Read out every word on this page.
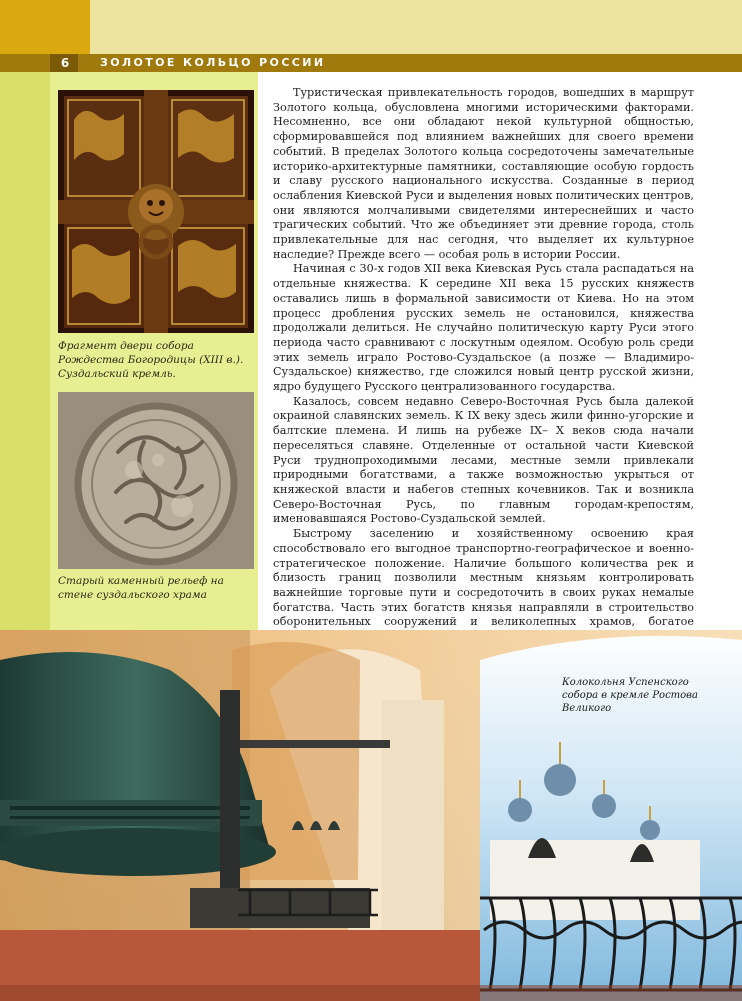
6	ЗОЛОТОЕ КОЛЬЦО РОССИИ
Фрагмент двери собора Рождества Богородицы (XIII в.). Суздальский кремль.
Старый каменный рельеф на стене суздальского храма

Туристическая привлекательность городов, вошедших в маршрут Золотого кольца, обусловлена многими историческими факторами. Несомненно, все они обладают некой культурной общностью, сформировавшейся под влиянием важнейших для своего времени событий. В пределах Золотого кольца сосредоточены замечательные историко-архитектурные памятники, составляющие особую гордость и славу русского национального искусства. Созданные в период ослабления Киевской Руси и выделения новых политических центров, они являются молчаливыми свидетелями интереснейших и часто трагических событий. Что же объединяет эти древние города, столь привлекательные для нас сегодня, что выделяет их культурное наследие? Прежде всего — особая роль в истории России.

Начиная с 30-х годов XII века Киевская Русь стала распадаться на отдельные княжества. К середине XII века 15 русских княжеств оставались лишь в формальной зависимости от Киева. Но на этом процесс дробления русских земель не остановился, княжества продолжали делиться. Не случайно политическую карту Руси этого периода часто сравнивают с лоскутным одеялом. Особую роль среди этих земель играло Ростово-Суздальское (а позже — Владимиро-Суздальское) княжество, где сложился новый центр русской жизни, ядро будущего Русского централизованного государства.

Казалось, совсем недавно Северо-Восточная Русь была далекой окраиной славянских земель. К IX веку здесь жили финно-угорские и балтские племена. И лишь на рубеже IX– X веков сюда начали переселяться славяне. Отделенные от остальной части Киевской Руси труднопроходимыми лесами, местные земли привлекали природными богатствами, а также возможностью укрыться от княжеской власти и набегов степных кочевников. Так и возникла Северо-Восточная Русь, по главным городам-крепостям, именовавшаяся Ростово-Суздальской землей.

Быстрому заселению и хозяйственному освоению края способствовало его выгодное транспортно-географическое и военно-стратегическое положение. Наличие большого количества рек и близость границ позволили местным князьям контролировать важнейшие торговые пути и сосредоточить в своих руках немалые богатства. Часть этих богатств князья направляли в строительство оборонительных сооружений и великолепных храмов, богатое

Колокольня Успенского собора в кремле Ростова Великого
